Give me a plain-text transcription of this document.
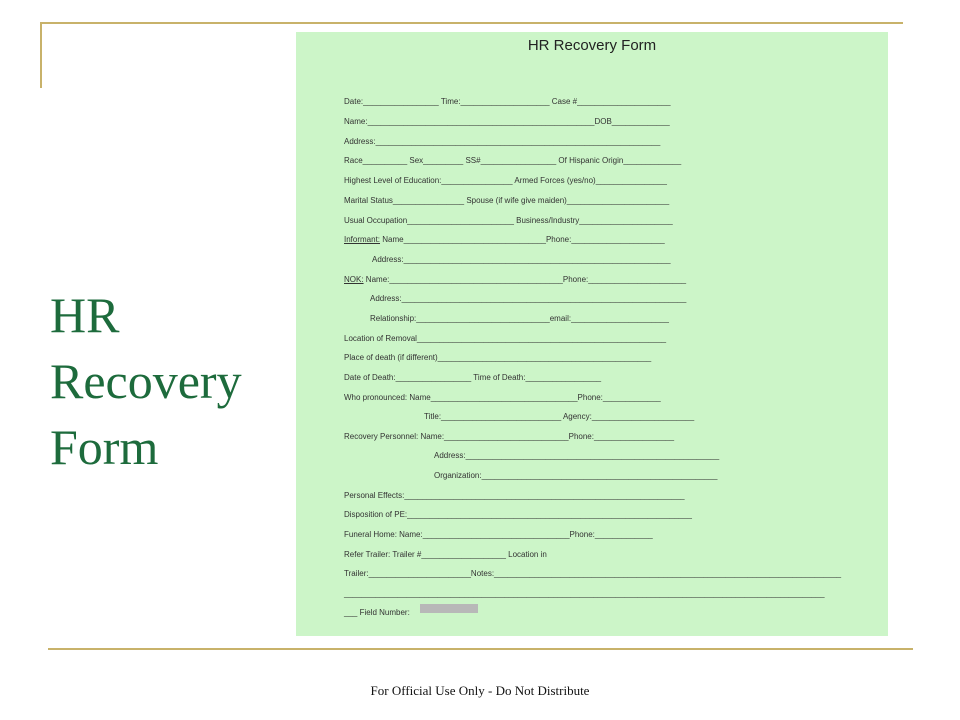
HR
Recovery
Form
HR Recovery Form
Date:_________________ Time:____________________ Case #_____________________
Name:___________________________________________________DOB_____________
Address:________________________________________________________________
Race__________ Sex_________ SS#_________________ Of Hispanic Origin_____________
Highest Level of Education:________________ Armed Forces (yes/no)________________
Marital Status________________ Spouse (if wife give maiden)_______________________
Usual Occupation________________________ Business/Industry_____________________
Informant: Name________________________________Phone:_____________________
Address:____________________________________________________________
NOK: Name:_______________________________________Phone:______________________
Address:________________________________________________________________
Relationship:______________________________email:______________________
Location of Removal________________________________________________________
Place of death (if different)________________________________________________
Date of Death:_________________ Time of Death:_________________
Who pronounced: Name_________________________________Phone:_____________
Title:___________________________ Agency:_______________________
Recovery Personnel: Name:____________________________Phone:__________________
Address:_________________________________________________________
Organization:_____________________________________________________
Personal Effects:_______________________________________________________________
Disposition of PE:________________________________________________________________
Funeral Home: Name:_________________________________Phone:_____________
Refer Trailer: Trailer #___________________ Location in
Trailer:_______________________Notes:______________________________________________________________________________
____________________________________________________________________________________________________________
___ Field Number:
For Official Use Only - Do Not Distribute
